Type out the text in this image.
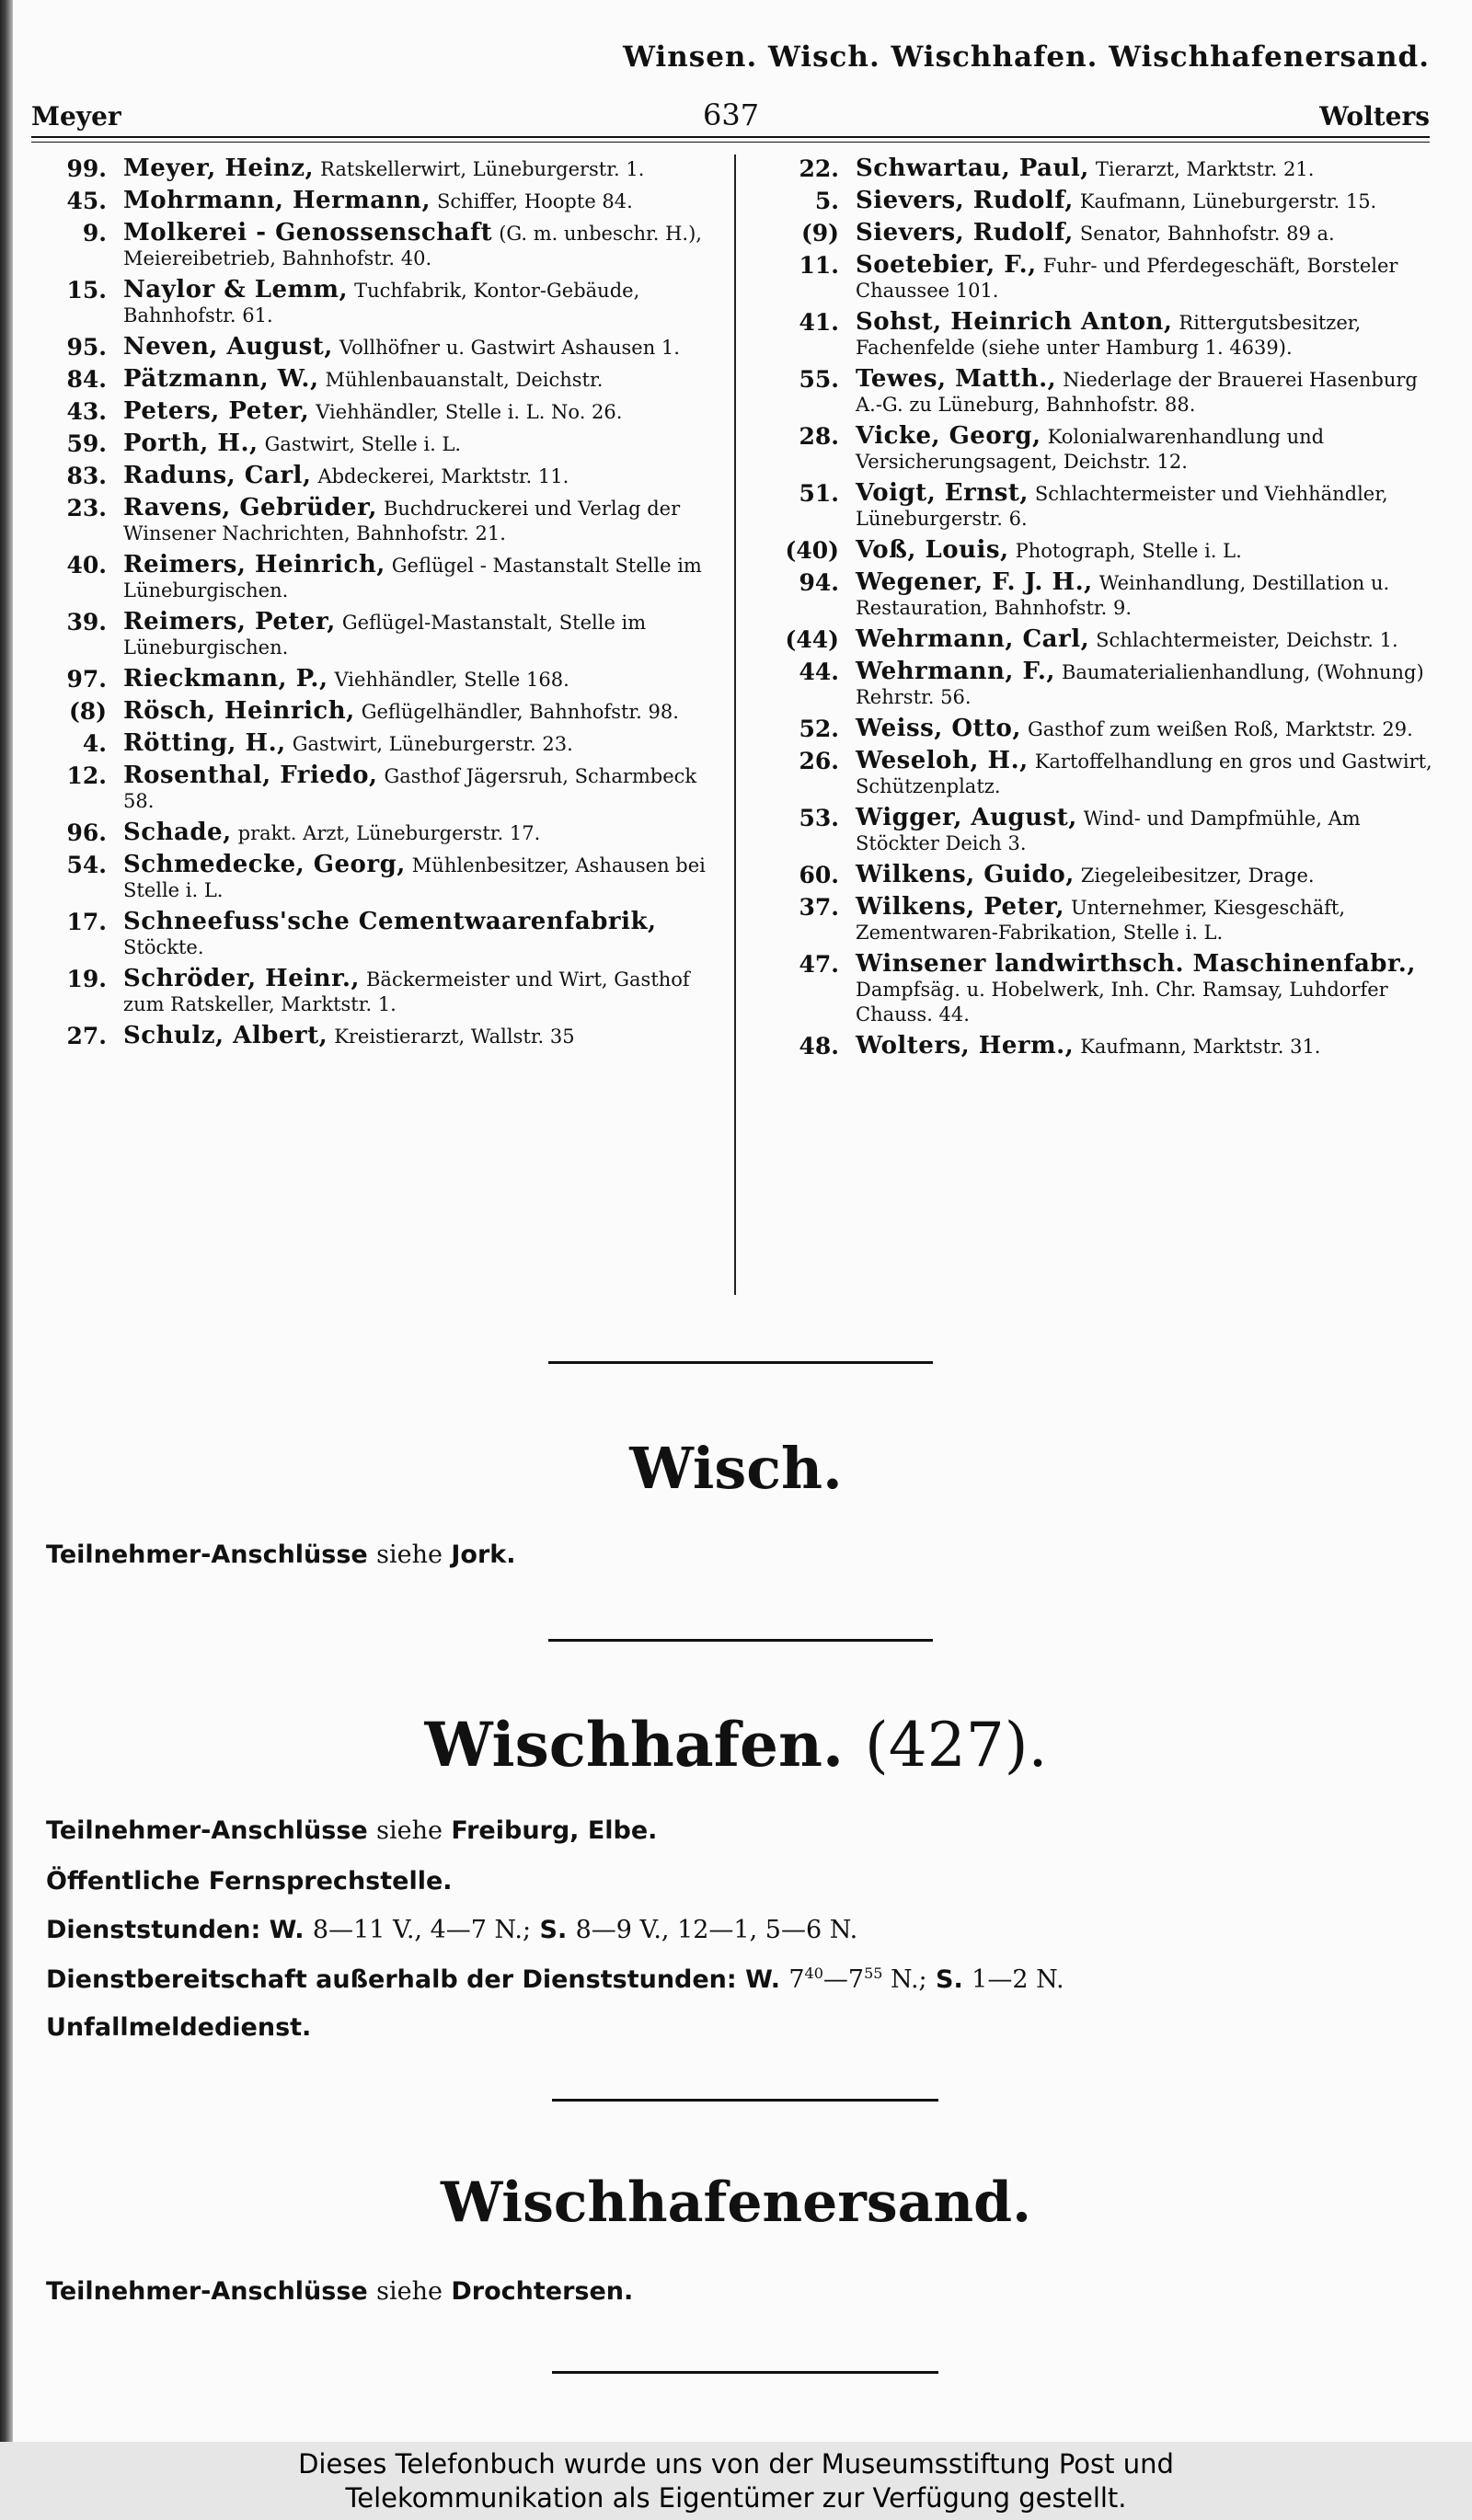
Winsen. Wisch. Wischhafen. Wischhafenersand.
Meyer	637	Wolters
99. Meyer, Heinz, Ratskellerwirt, Lüneburgerstr. 1.
45. Mohrmann, Hermann, Schiffer, Hoopte 84.
9. Molkerei - Genossenschaft (G. m. unbeschr. H.), Meiereibetrieb, Bahnhofstr. 40.
15. Naylor & Lemm, Tuchfabrik, Kontor-Gebäude, Bahnhofstr. 61.
95. Neven, August, Vollhöfner u. Gastwirt Ashausen 1.
84. Pätzmann, W., Mühlenbauanstalt, Deichstr.
43. Peters, Peter, Viehhändler, Stelle i. L. No. 26.
59. Porth, H., Gastwirt, Stelle i. L.
83. Raduns, Carl, Abdeckerei, Marktstr. 11.
23. Ravens, Gebrüder, Buchdruckerei und Verlag der Winsener Nachrichten, Bahnhofstr. 21.
40. Reimers, Heinrich, Geflügel - Mastanstalt Stelle im Lüneburgischen.
39. Reimers, Peter, Geflügel-Mastanstalt, Stelle im Lüneburgischen.
97. Rieckmann, P., Viehhändler, Stelle 168.
(8) Rösch, Heinrich, Geflügelhändler, Bahnhofstr. 98.
4. Rötting, H., Gastwirt, Lüneburgerstr. 23.
12. Rosenthal, Friedo, Gasthof Jägersruh, Scharmbeck 58.
96. Schade, prakt. Arzt, Lüneburgerstr. 17.
54. Schmedecke, Georg, Mühlenbesitzer, Ashausen bei Stelle i. L.
17. Schneefuss'sche Cementwaarenfabrik, Stöckte.
19. Schröder, Heinr., Bäckermeister und Wirt, Gasthof zum Ratskeller, Marktstr. 1.
27. Schulz, Albert, Kreistierarzt, Wallstr. 35
22. Schwartau, Paul, Tierarzt, Marktstr. 21.
5. Sievers, Rudolf, Kaufmann, Lüneburgerstr. 15.
(9) Sievers, Rudolf, Senator, Bahnhofstr. 89 a.
11. Soetebier, F., Fuhr- und Pferdegeschäft, Borsteler Chaussee 101.
41. Sohst, Heinrich Anton, Rittergutsbesitzer, Fachenfelde (siehe unter Hamburg 1. 4639).
55. Tewes, Matth., Niederlage der Brauerei Hasenburg A.-G. zu Lüneburg, Bahnhofstr. 88.
28. Vicke, Georg, Kolonialwarenhandlung und Versicherungsagent, Deichstr. 12.
51. Voigt, Ernst, Schlachtermeister und Viehhändler, Lüneburgerstr. 6.
(40) Voß, Louis, Photograph, Stelle i. L.
94. Wegener, F. J. H., Weinhandlung, Destillation u. Restauration, Bahnhofstr. 9.
(44) Wehrmann, Carl, Schlachtermeister, Deichstr. 1.
44. Wehrmann, F., Baumaterialienhandlung, (Wohnung) Rehrstr. 56.
52. Weiss, Otto, Gasthof zum weißen Roß, Marktstr. 29.
26. Weseloh, H., Kartoffelhandlung en gros und Gastwirt, Schützenplatz.
53. Wigger, August, Wind- und Dampfmühle, Am Stöckter Deich 3.
60. Wilkens, Guido, Ziegeleibesitzer, Drage.
37. Wilkens, Peter, Unternehmer, Kiesgeschäft, Zementwaren-Fabrikation, Stelle i. L.
47. Winsener landwirthsch. Maschinenfabr., Dampfsäg. u. Hobelwerk, Inh. Chr. Ramsay, Luhdorfer Chauss. 44.
48. Wolters, Herm., Kaufmann, Marktstr. 31.
Wisch.
Teilnehmer-Anschlüsse siehe Jork.
Wischhafen. (427).
Teilnehmer-Anschlüsse siehe Freiburg, Elbe.
Öffentliche Fernsprechstelle.
Dienststunden: W. 8—11 V., 4—7 N.; S. 8—9 V., 12—1, 5—6 N.
Dienstbereitschaft außerhalb der Dienststunden: W. $7^{40}—7^{55}$ N.; S. 1—2 N.
Unfallmeldedienst.
Wischhafenersand.
Teilnehmer-Anschlüsse siehe Drochtersen.
Dieses Telefonbuch wurde uns von der Museumsstiftung Post und
Telekommunikation als Eigentümer zur Verfügung gestellt.
